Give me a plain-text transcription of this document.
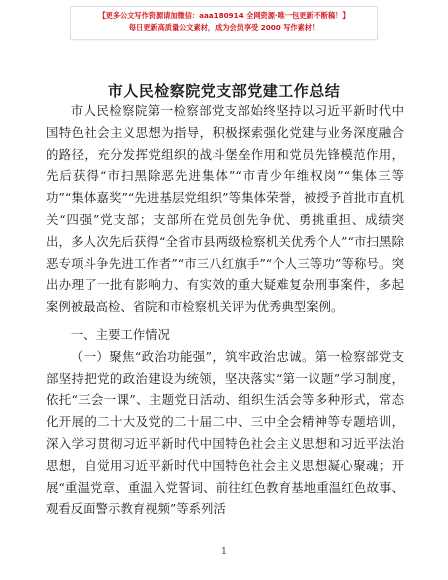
【更多公文写作资源请加微信：aaa180914 全网资源·唯一包更新不断稿！】
每日更新高质量公文素材，成为会员享受 2000 写作素材！
市人民检察院党支部党建工作总结

市人民检察院第一检察部党支部始终坚持以习近平新时代中国特色社会主义思想为指导，积极探索强化党建与业务深度融合的路径，充分发挥党组织的战斗堡垒作用和党员先锋模范作用，先后获得“市扫黑除恶先进集体”“市青少年维权岗”“集体三等功”“集体嘉奖”“先进基层党组织”等集体荣誉，被授予首批市直机关“四强”党支部；支部所在党员创先争优、勇挑重担、成绩突出，多人次先后获得“全省市县两级检察机关优秀个人”“市扫黑除恶专项斗争先进工作者”“市三八红旗手”“个人三等功”等称号。突出办理了一批有影响力、有实效的重大疑难复杂刑事案件，多起案例被最高检、省院和市检察机关评为优秀典型案例。

一、主要工作情况

（一）聚焦“政治功能强”，筑牢政治忠诚。第一检察部党支部坚持把党的政治建设为统领，坚决落实“第一议题”学习制度，依托“三会一课”、主题党日活动、组织生活会等多种形式，常态化开展的二十大及党的二十届二中、三中全会精神等专题培训，深入学习贯彻习近平新时代中国特色社会主义思想和习近平法治思想，自觉用习近平新时代中国特色社会主义思想凝心聚魂；开展“重温党章、重温入党誓词、前往红色教育基地重温红色故事、观看反面警示教育视频”等系列活

1
